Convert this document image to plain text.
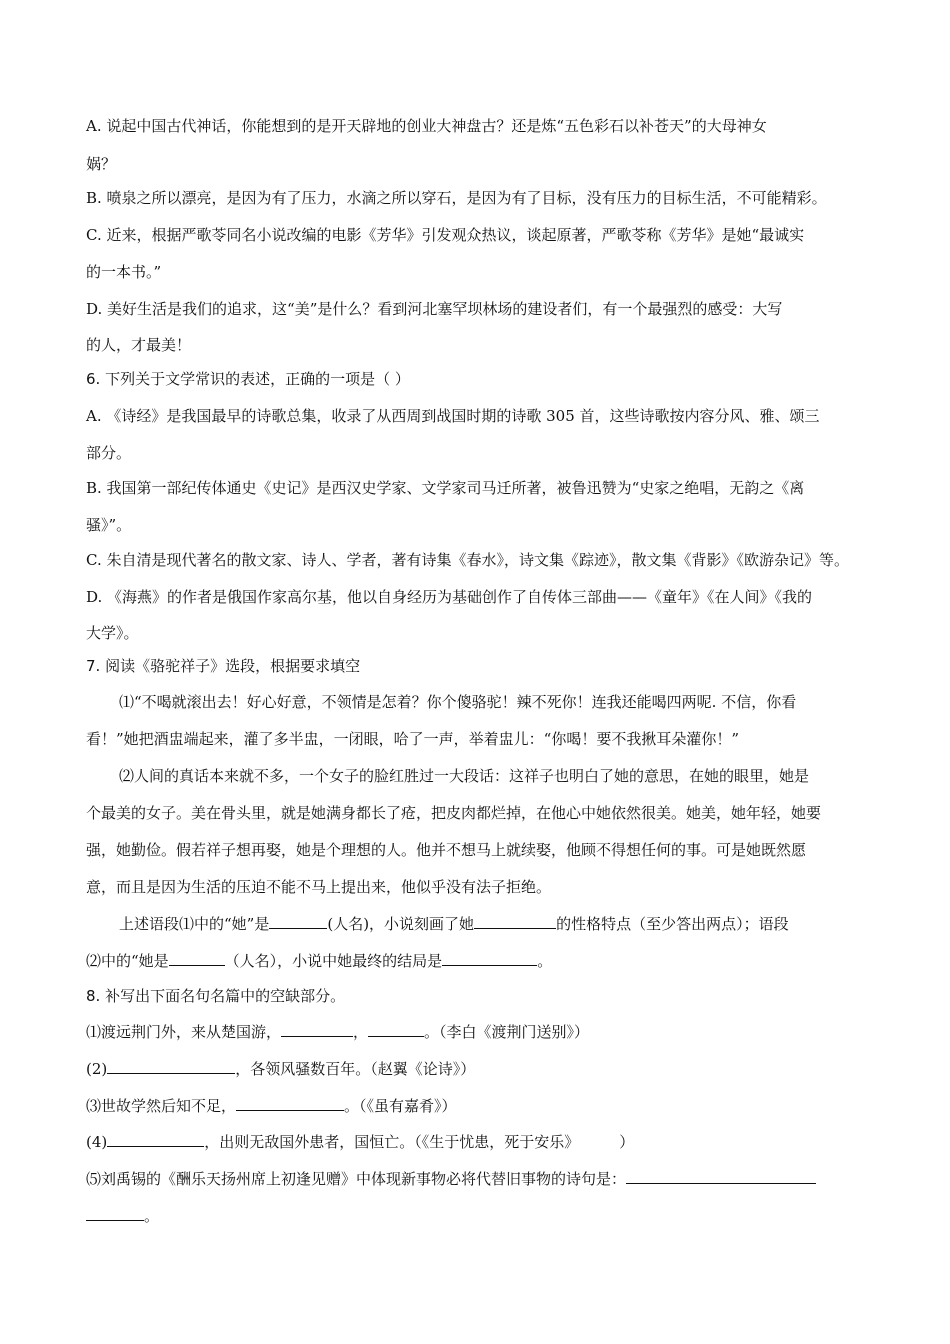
A. 说起中国古代神话，你能想到的是开天辟地的创业大神盘古？还是炼“五色彩石以补苍天”的大母神女
娲？
B. 喷泉之所以漂亮，是因为有了压力，水滴之所以穿石，是因为有了目标，没有压力的目标生活，不可能精彩。
C. 近来，根据严歌苓同名小说改编的电影《芳华》引发观众热议，谈起原著，严歌苓称《芳华》是她“最诚实
的一本书。”
D. 美好生活是我们的追求，这“美”是什么？看到河北塞罕坝林场的建设者们，有一个最强烈的感受：大写
的人，才最美！
6. 下列关于文学常识的表述，正确的一项是（ ）
A. 《诗经》是我国最早的诗歌总集，收录了从西周到战国时期的诗歌 305 首，这些诗歌按内容分风、雅、颂三
部分。
B. 我国第一部纪传体通史《史记》是西汉史学家、文学家司马迁所著，被鲁迅赞为“史家之绝唱，无韵之《离
骚》”。
C. 朱自清是现代著名的散文家、诗人、学者，著有诗集《春水》，诗文集《踪迹》，散文集《背影》《欧游杂记》等。
D. 《海燕》的作者是俄国作家高尔基，他以自身经历为基础创作了自传体三部曲——《童年》《在人间》《我的
大学》。
7. 阅读《骆驼祥子》选段，根据要求填空
⑴“不喝就滚出去！好心好意，不领情是怎着？你个傻骆驼！辣不死你！连我还能喝四两呢. 不信，你看
看！”她把酒盅端起来，灌了多半盅，一闭眼，哈了一声，举着盅儿：“你喝！要不我揪耳朵灌你！”
⑵人间的真话本来就不多，一个女子的脸红胜过一大段话：这祥子也明白了她的意思，在她的眼里，她是
个最美的女子。美在骨头里，就是她满身都长了疮，把皮肉都烂掉，在他心中她依然很美。她美，她年轻，她要
强，她勤俭。假若祥子想再娶，她是个理想的人。他并不想马上就续娶，他顾不得想任何的事。可是她既然愿
意，而且是因为生活的压迫不能不马上提出来，他似乎没有法子拒绝。
上述语段⑴中的“她”是	(人名)，小说刻画了她	的性格特点（至少答出两点）；语段
⑵中的“她是	（人名），小说中她最终的结局是	。
8. 补写出下面名句名篇中的空缺部分。
⑴渡远荆门外，来从楚国游，	，	。（李白《渡荆门送别》）
(2)	，各领风骚数百年。（赵翼《论诗》）
⑶世故学然后知不足，	。（《虽有嘉肴》）
(4)	，出则无敌国外患者，国恒亡。（《生于忧患，死于安乐》	）
⑸刘禹锡的《酬乐天扬州席上初逢见赠》中体现新事物必将代替旧事物的诗句是：
。
